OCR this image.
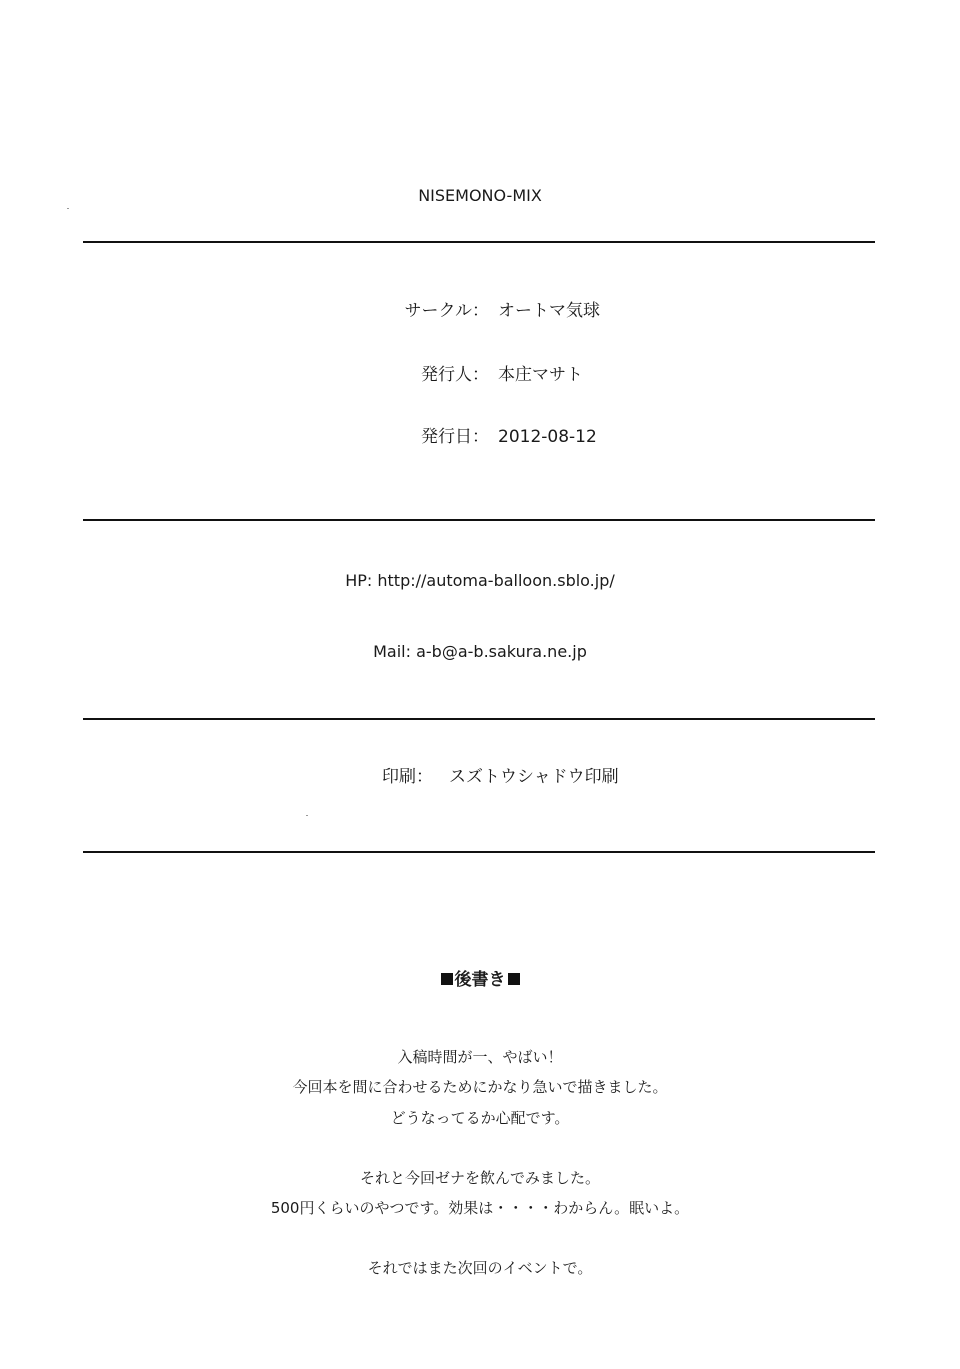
NISEMONO-MIX
サークル： オートマ気球
発行人： 本庄マサト
発行日： 2012-08-12
HP: http://automa-balloon.sblo.jp/
Mail: a-b@a-b.sakura.ne.jp
印刷： スズトウシャドウ印刷
後書き
入稿時間が一、やばい！
今回本を間に合わせるためにかなり急いで描きました。
どうなってるか心配です。
それと今回ゼナを飲んでみました。
500円くらいのやつです。効果は・・・・わからん。眠いよ。
それではまた次回のイベントで。
